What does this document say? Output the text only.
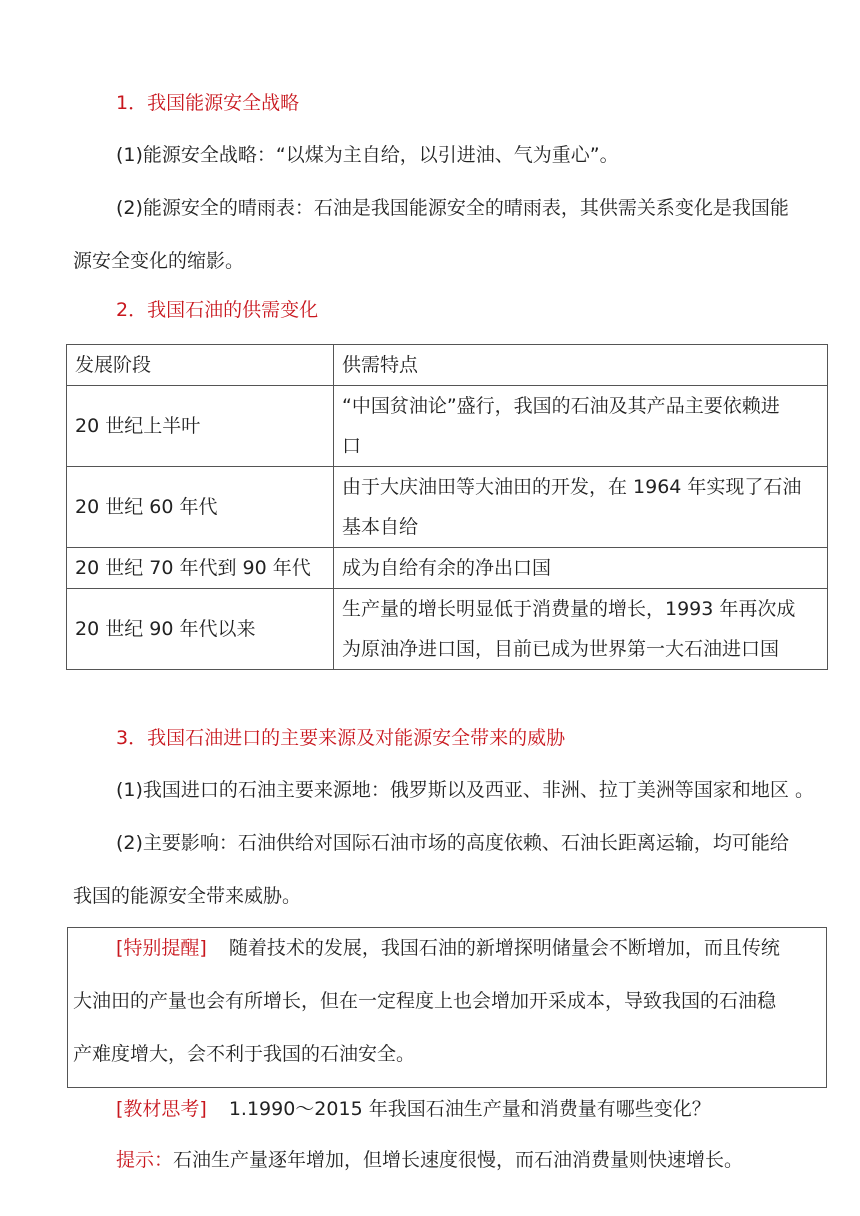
1．我国能源安全战略
(1)能源安全战略：“以煤为主自给，以引进油、气为重心”。
(2)能源安全的晴雨表：石油是我国能源安全的晴雨表，其供需关系变化是我国能
源安全变化的缩影。
2．我国石油的供需变化
发展阶段	供需特点
20 世纪上半叶	“中国贫油论”盛行，我国的石油及其产品主要依赖进
口

20 世纪 60 年代	由于大庆油田等大油田的开发，在 1964 年实现了石油
基本自给

20 世纪 70 年代到 90 年代	成为自给有余的净出口国

20 世纪 90 年代以来	生产量的增长明显低于消费量的增长，1993 年再次成
为原油净进口国，目前已成为世界第一大石油进口国
3．我国石油进口的主要来源及对能源安全带来的威胁
(1)我国进口的石油主要来源地：俄罗斯以及西亚、非洲、拉丁美洲等国家和地区 。
(2)主要影响：石油供给对国际石油市场的高度依赖、石油长距离运输，均可能给
我国的能源安全带来威胁。
[特别提醒] 随着技术的发展，我国石油的新增探明储量会不断增加，而且传统
大油田的产量也会有所增长，但在一定程度上也会增加开采成本，导致我国的石油稳
产难度增大，会不利于我国的石油安全。
[教材思考] 1.1990～2015 年我国石油生产量和消费量有哪些变化？
提示：石油生产量逐年增加，但增长速度很慢，而石油消费量则快速增长。
